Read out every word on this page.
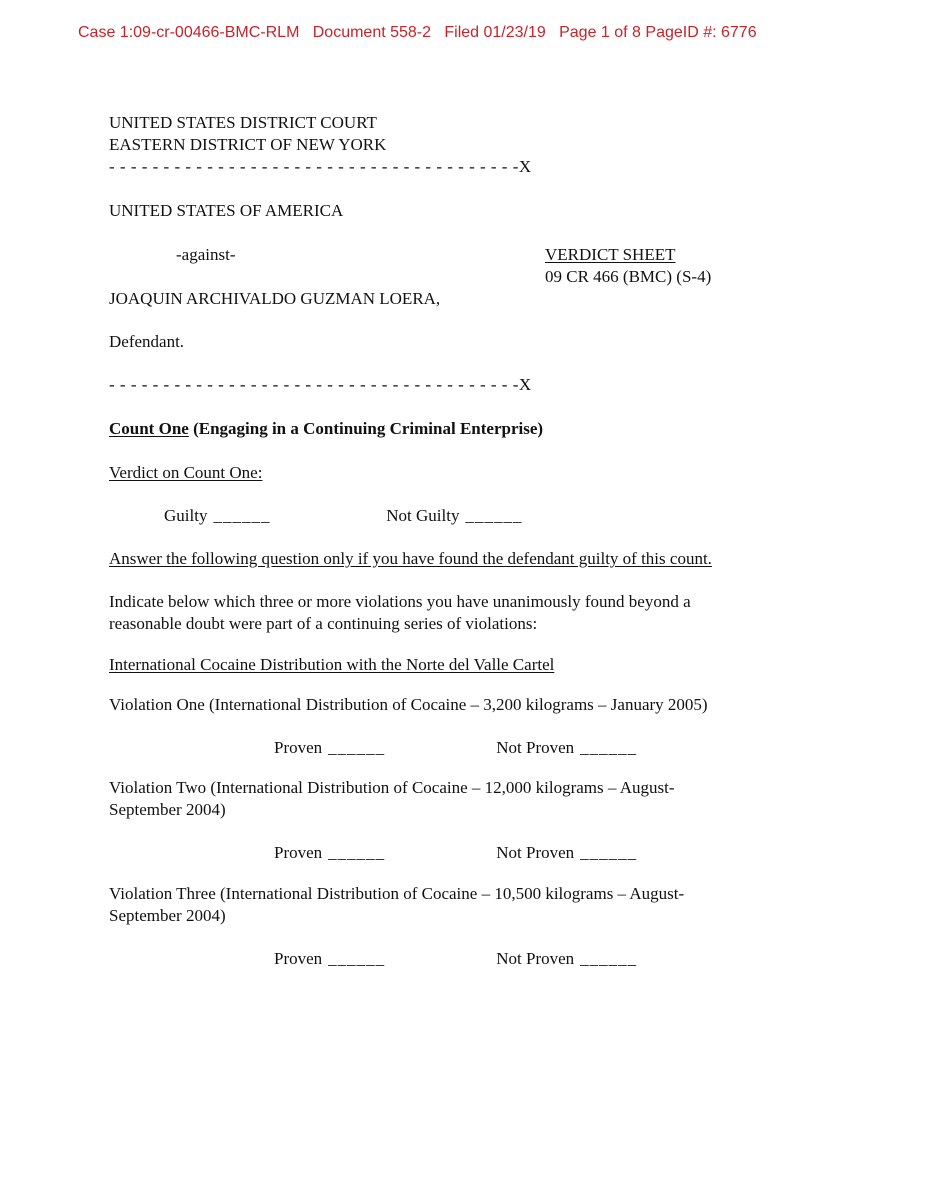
Case 1:09-cr-00466-BMC-RLM   Document 558-2   Filed 01/23/19   Page 1 of 8 PageID #: 6776
UNITED STATES DISTRICT COURT
EASTERN DISTRICT OF NEW YORK
- - - - - - - - - - - - - - - - - - - - - - - - - - - - - - - - - - - - - -X
UNITED STATES OF AMERICA
-against-	VERDICT SHEET
09 CR 466 (BMC) (S-4)
JOAQUIN ARCHIVALDO GUZMAN LOERA,
Defendant.
- - - - - - - - - - - - - - - - - - - - - - - - - - - - - - - - - - - - - -X

Count One (Engaging in a Continuing Criminal Enterprise)

Verdict on Count One:

Guilty ______	Not Guilty ______

Answer the following question only if you have found the defendant guilty of this count.

Indicate below which three or more violations you have unanimously found beyond a reasonable doubt were part of a continuing series of violations:

International Cocaine Distribution with the Norte del Valle Cartel

Violation One (International Distribution of Cocaine – 3,200 kilograms – January 2005)

Proven ______	Not Proven ______

Violation Two (International Distribution of Cocaine – 12,000 kilograms – August-September 2004)

Proven ______	Not Proven ______

Violation Three (International Distribution of Cocaine – 10,500 kilograms – August-September 2004)

Proven ______	Not Proven ______
